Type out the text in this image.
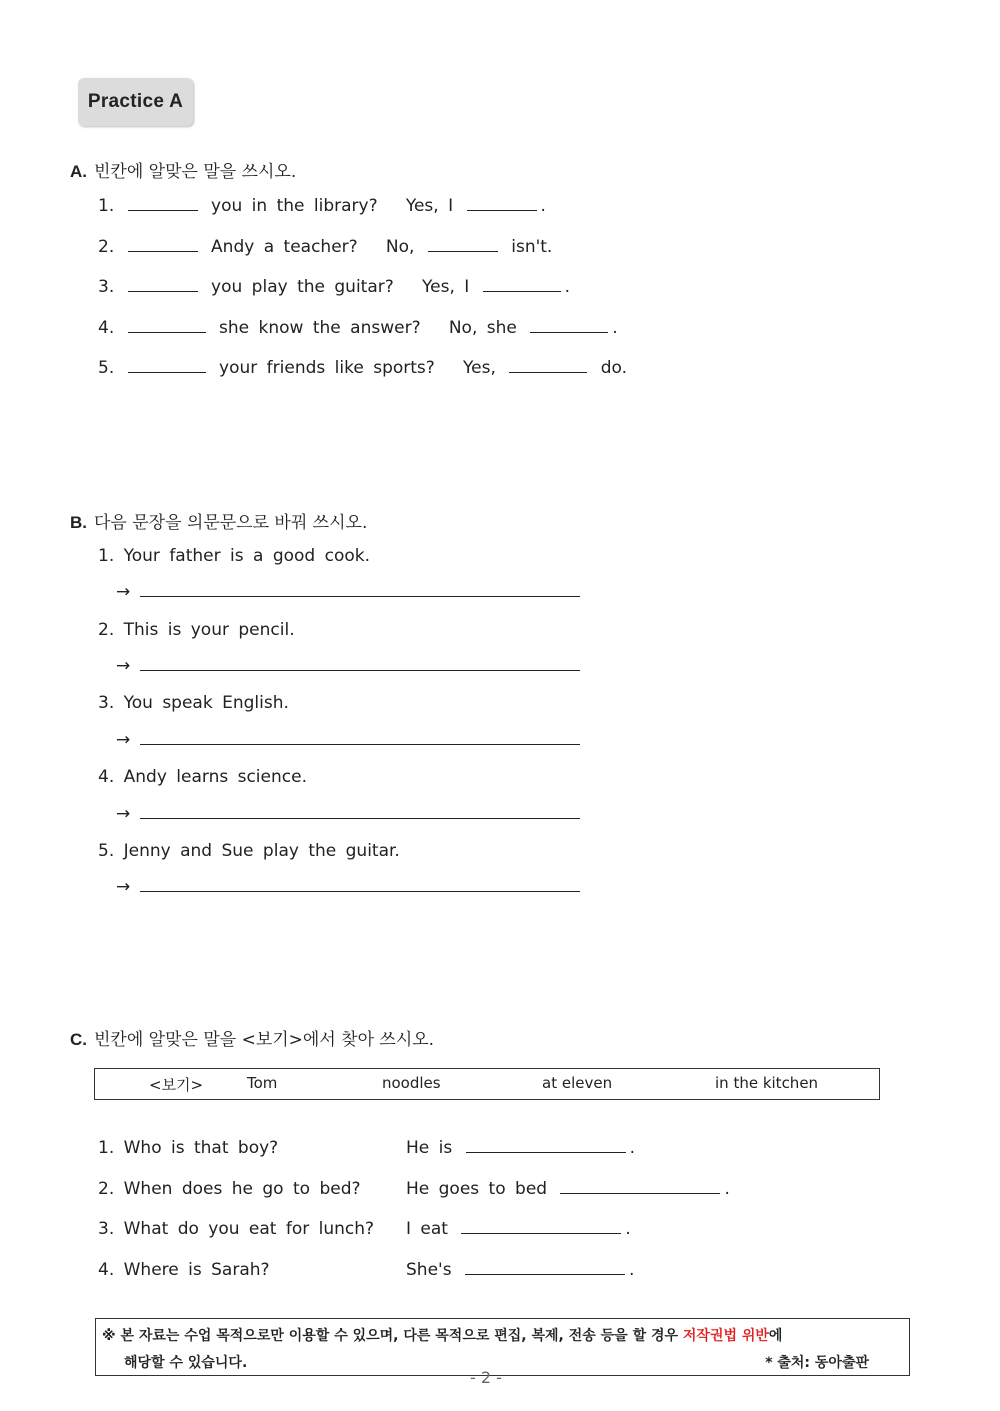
Practice A
A. 빈칸에 알맞은 말을 쓰시오.
1.	you in the library? Yes, I	.
2.	Andy a teacher? No,	isn't.
3.	you play the guitar? Yes, I	.
4.	she know the answer? No, she	.
5.	your friends like sports? Yes,	do.
B. 다음 문장을 의문문으로 바꿔 쓰시오.
1. Your father is a good cook.
→
2. This is your pencil.
→
3. You speak English.
→
4. Andy learns science.
→
5. Jenny and Sue play the guitar.
→
C. 빈칸에 알맞은 말을 <보기>에서 찾아 쓰시오.
<보기>	Tom	noodles	at eleven	in the kitchen
1. Who is that boy?	He is	.
2. When does he go to bed?	He goes to bed	.
3. What do you eat for lunch? I eat	.
4. Where is Sarah?	She's	.
※ 본 자료는 수업 목적으로만 이용할 수 있으며, 다른 목적으로 편집, 복제, 전송 등을 할 경우 저작권법 위반에
해당할 수 있습니다.	* 출처: 동아출판
- 2 -
